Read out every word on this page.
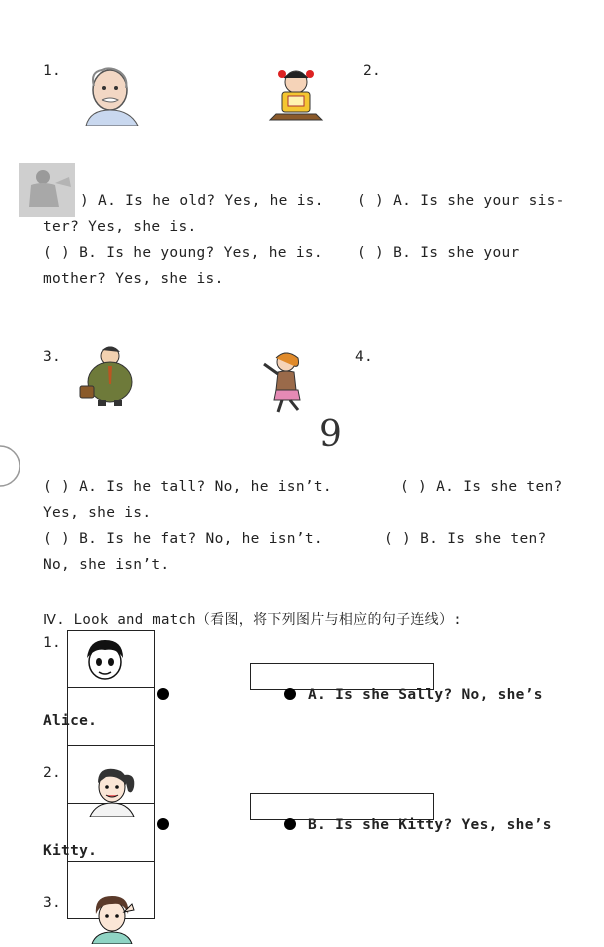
1.	2.
) A. Is he old? Yes, he is. ( ) A. Is she your sis-
ter? Yes, she is.
( ) B. Is he young? Yes, he is. ( ) B. Is she your
mother? Yes, she is.
3.	4.
9
( ) A. Is he tall? No, he isn’t.	( ) A. Is she ten?
Yes, she is.
( ) B. Is he fat? No, he isn’t.	( ) B. Is she ten?
No, she isn’t.
Ⅳ. Look and match（看图，将下列图片与相应的句子连线）:
1.
2.
3.
A. Is she Sally? No, she’s
Alice.
B. Is she Kitty? Yes, she’s
Kitty.
